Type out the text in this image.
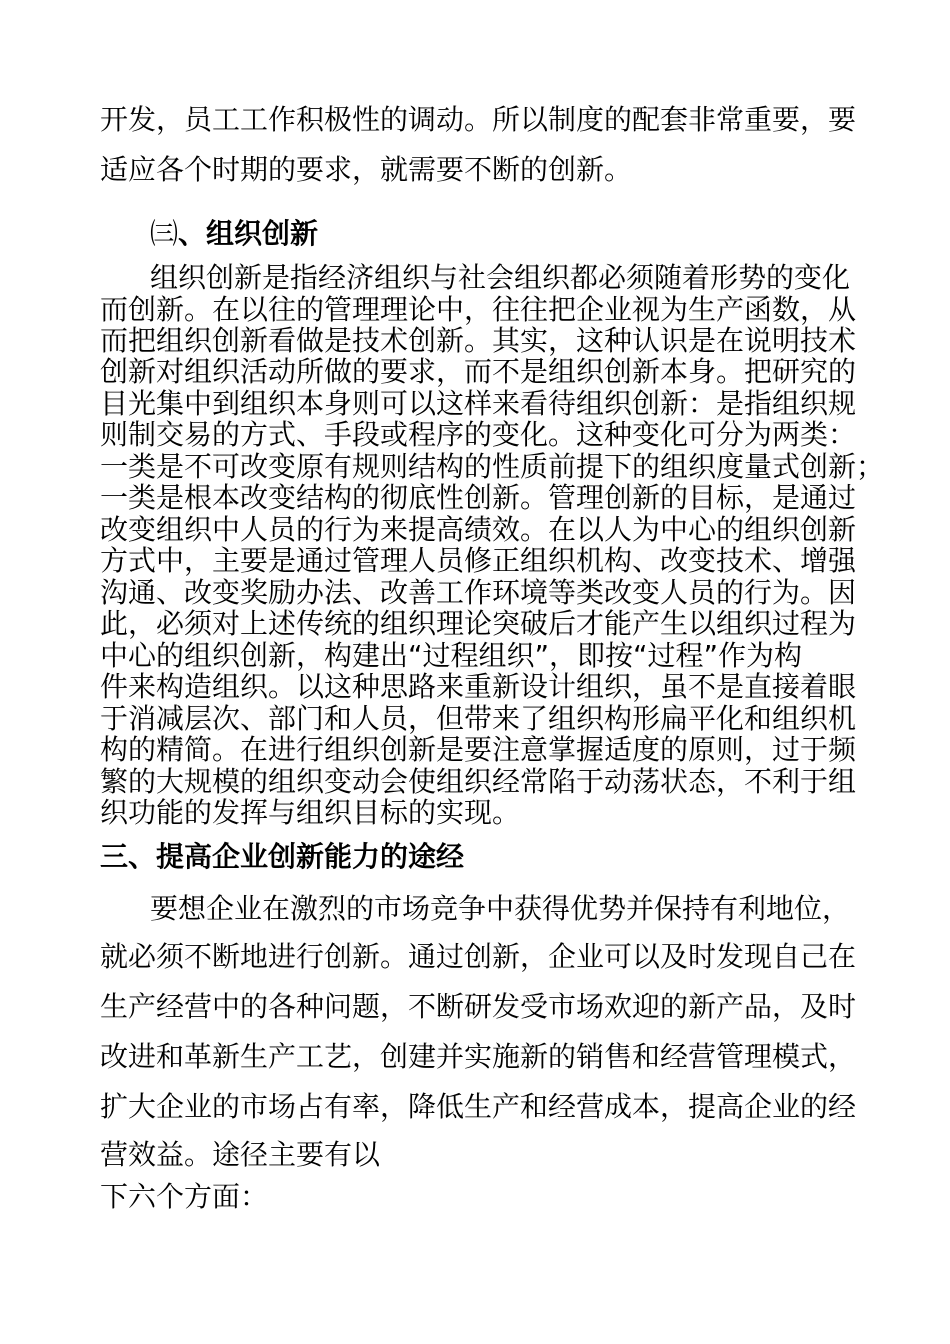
开发，员工工作积极性的调动。所以制度的配套非常重要，要
适应各个时期的要求，就需要不断的创新。
㈢、组织创新
组织创新是指经济组织与社会组织都必须随着形势的变化
而创新。在以往的管理理论中，往往把企业视为生产函数，从
而把组织创新看做是技术创新。其实，这种认识是在说明技术
创新对组织活动所做的要求，而不是组织创新本身。把研究的
目光集中到组织本身则可以这样来看待组织创新：是指组织规
则制交易的方式、手段或程序的变化。这种变化可分为两类：
一类是不可改变原有规则结构的性质前提下的组织度量式创新；
一类是根本改变结构的彻底性创新。管理创新的目标，是通过
改变组织中人员的行为来提高绩效。在以人为中心的组织创新
方式中，主要是通过管理人员修正组织机构、改变技术、增强
沟通、改变奖励办法、改善工作环境等类改变人员的行为。因
此，必须对上述传统的组织理论突破后才能产生以组织过程为
中心的组织创新，构建出“过程组织”，即按“过程”作为构
件来构造组织。以这种思路来重新设计组织，虽不是直接着眼
于消减层次、部门和人员，但带来了组织构形扁平化和组织机
构的精简。在进行组织创新是要注意掌握适度的原则，过于频
繁的大规模的组织变动会使组织经常陷于动荡状态，不利于组
织功能的发挥与组织目标的实现。
三、提高企业创新能力的途经
要想企业在激烈的市场竞争中获得优势并保持有利地位，
就必须不断地进行创新。通过创新，企业可以及时发现自己在
生产经营中的各种问题，不断研发受市场欢迎的新产品，及时
改进和革新生产工艺，创建并实施新的销售和经营管理模式，
扩大企业的市场占有率，降低生产和经营成本，提高企业的经
营效益。途径主要有以
下六个方面：
